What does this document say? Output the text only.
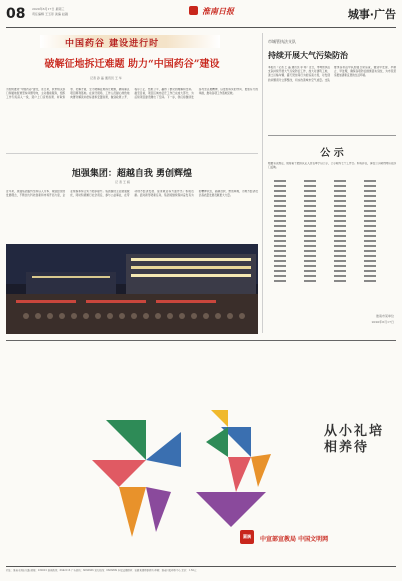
08 2020年6月17日 星期三
责任编辑 王玉彤 美编 赵越	淮南日报	城事·广告
中国药谷 建设进行时
破解征地拆迁难题 助力“中国药谷”建设
记者 孙 晶 通讯员 王 华
为加快推进“中国药谷”建设，连日来，我市相关部门和属地街道坚持问题导向，主动靠前服务，组织工作专班深入一线，逐户上门宣传政策、听取诉求、化解矛盾，全力破解征地拆迁难题，确保重点项目顺利落地。在拆迁现场，工作人员耐心细致地向群众解读补偿标准和安置政策，做到政策公开、程序公正、结果公平，赢得了群众的理解和支持。截至目前，项目区域内征迁工作已完成大部分，为后续项目建设腾出了空间。下一步，我们将继续发扬攻坚克难精神，以更加务实的作风、更加有力的举措，推动各项工作落地见效。
旭强集团：超越自我 勇创辉煌
记 者 王 娟
近年来，旭强集团始终坚持以人为本、诚信经营的发展理念，不断加大科技创新和市场开拓力度，企业规模和综合实力稳步提升。集团围绕主业做强做优，同时积极履行社会责任，参与公益事业，在带动地方经济发展、促进就业等方面作出了积极贡献。面对新形势新任务，集团将继续保持奋发有为的精神状态，超越自我、勇创辉煌，为地方经济社会高质量发展贡献更大力量。
市城管执法支队
持续开展大气污染防治
本报讯（记者 王 晶 通讯员 李 明）近日，市城管执法支队持续开展大气污染防治工作，加大对建筑工地、渣土运输车辆、露天焚烧等行为的巡查力度，对发现的问题责令立即整改，切实改善城市空气质量。支队要求各执法中队加强日常巡查，做到早发现、早制止、早处理，确保各项防治措施落实到位，为市民营造更加清新宜居的生活环境。
公 示
根据有关规定，现将第十批拟认定人员名单予以公示，公示期为七个工作日。如有异议，请在公示期内向有关部门反映。
淮南市某单位
2020年6月17日
从小礼培相养待
圆满	中宣部宣教局 中国文明网
社址：淮南市洞山东路 邮编：232001 新闻热线：6642116 广告热线：6666666 发行热线：6666899 本报法律顾问：安徽某律师事务所 印刷：淮南日报印务中心 定价：1.50元
